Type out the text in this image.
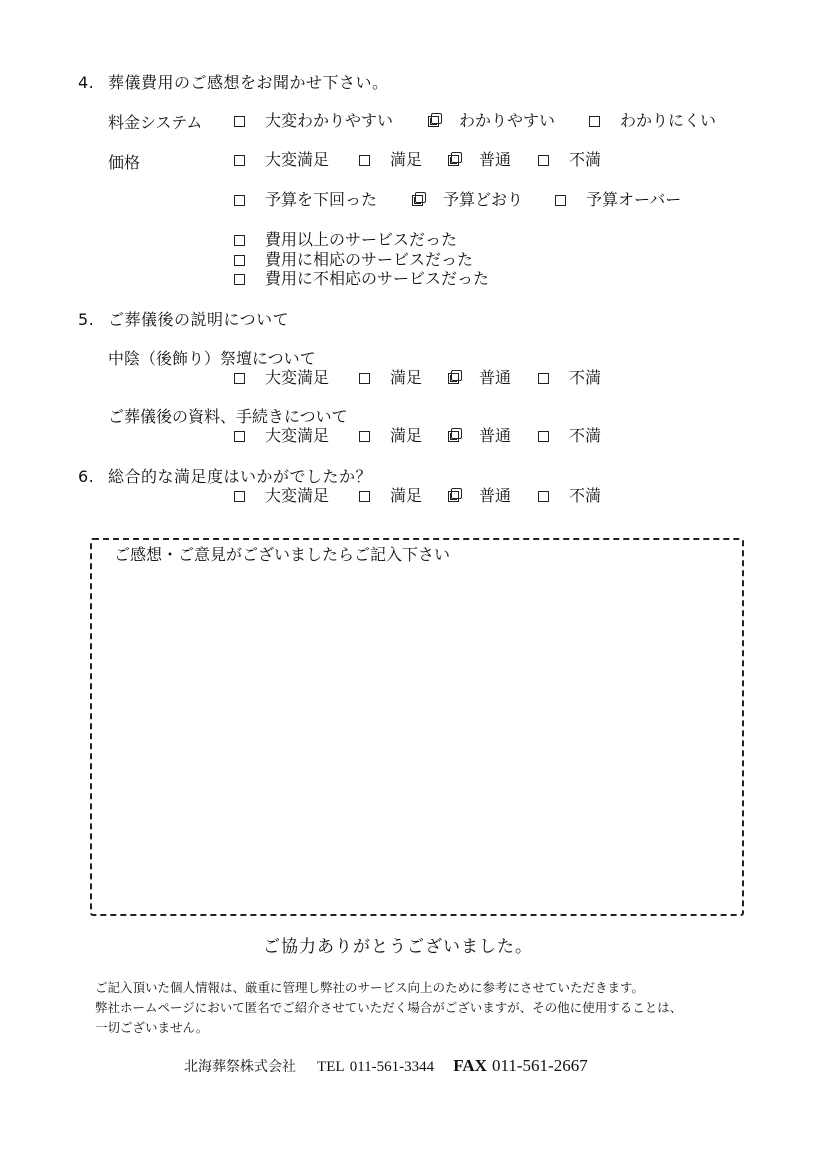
4. 葬儀費用のご感想をお聞かせ下さい。
料金システム	大変わかりやすい	わかりやすい	わかりにくい
価格	大変満足	満足	普通	不満
予算を下回った	予算どおり	予算オーバー
費用以上のサービスだった
費用に相応のサービスだった
費用に不相応のサービスだった
5. ご葬儀後の説明について
中陰（後飾り）祭壇について
大変満足	満足	普通	不満
ご葬儀後の資料、手続きについて
大変満足	満足	普通	不満
6. 総合的な満足度はいかがでしたか？
大変満足	満足	普通	不満
ご感想・ご意見がございましたらご記入下さい
ご協力ありがとうございました。
ご記入頂いた個人情報は、厳重に管理し弊社のサービス向上のために参考にさせていただきます。
弊社ホームページにおいて匿名でご紹介させていただく場合がございますが、その他に使用することは、
一切ございません。
北海葬祭株式会社 TEL 011-561-3344 FAX 011-561-2667
